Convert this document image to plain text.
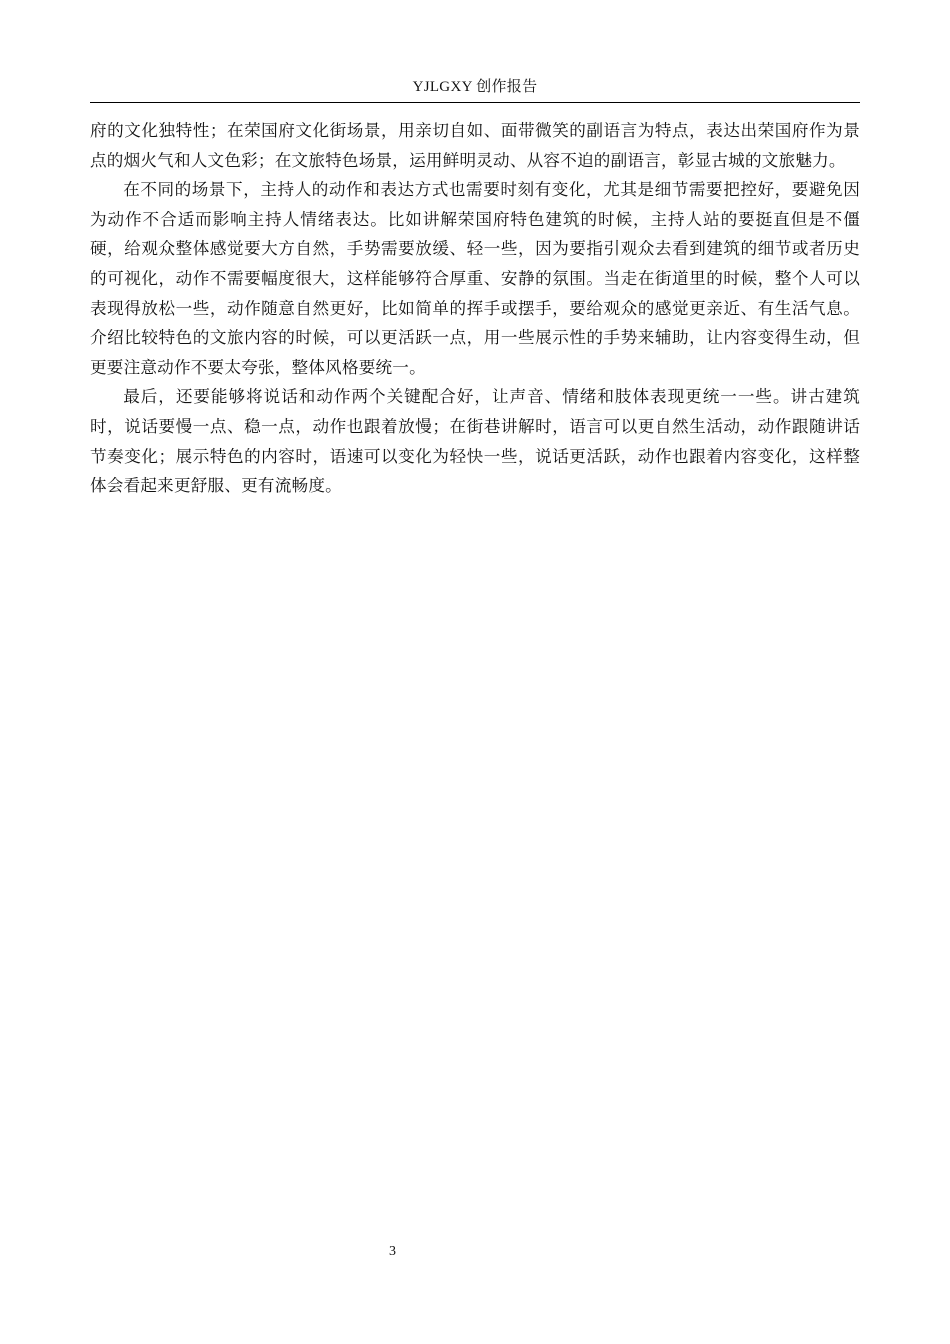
YJLGXY 创作报告

府的文化独特性；在荣国府文化街场景，用亲切自如、面带微笑的副语言为特点，表达出荣国府作为景点的烟火气和人文色彩；在文旅特色场景，运用鲜明灵动、从容不迫的副语言，彰显古城的文旅魅力。

在不同的场景下，主持人的动作和表达方式也需要时刻有变化，尤其是细节需要把控好，要避免因为动作不合适而影响主持人情绪表达。比如讲解荣国府特色建筑的时候，主持人站的要挺直但是不僵硬，给观众整体感觉要大方自然，手势需要放缓、轻一些，因为要指引观众去看到建筑的细节或者历史的可视化，动作不需要幅度很大，这样能够符合厚重、安静的氛围。当走在街道里的时候，整个人可以表现得放松一些，动作随意自然更好，比如简单的挥手或摆手，要给观众的感觉更亲近、有生活气息。介绍比较特色的文旅内容的时候，可以更活跃一点，用一些展示性的手势来辅助，让内容变得生动，但更要注意动作不要太夸张，整体风格要统一。

最后，还要能够将说话和动作两个关键配合好，让声音、情绪和肢体表现更统一一些。讲古建筑时，说话要慢一点、稳一点，动作也跟着放慢；在街巷讲解时，语言可以更自然生活动，动作跟随讲话节奏变化；展示特色的内容时，语速可以变化为轻快一些，说话更活跃，动作也跟着内容变化，这样整体会看起来更舒服、更有流畅度。

3
